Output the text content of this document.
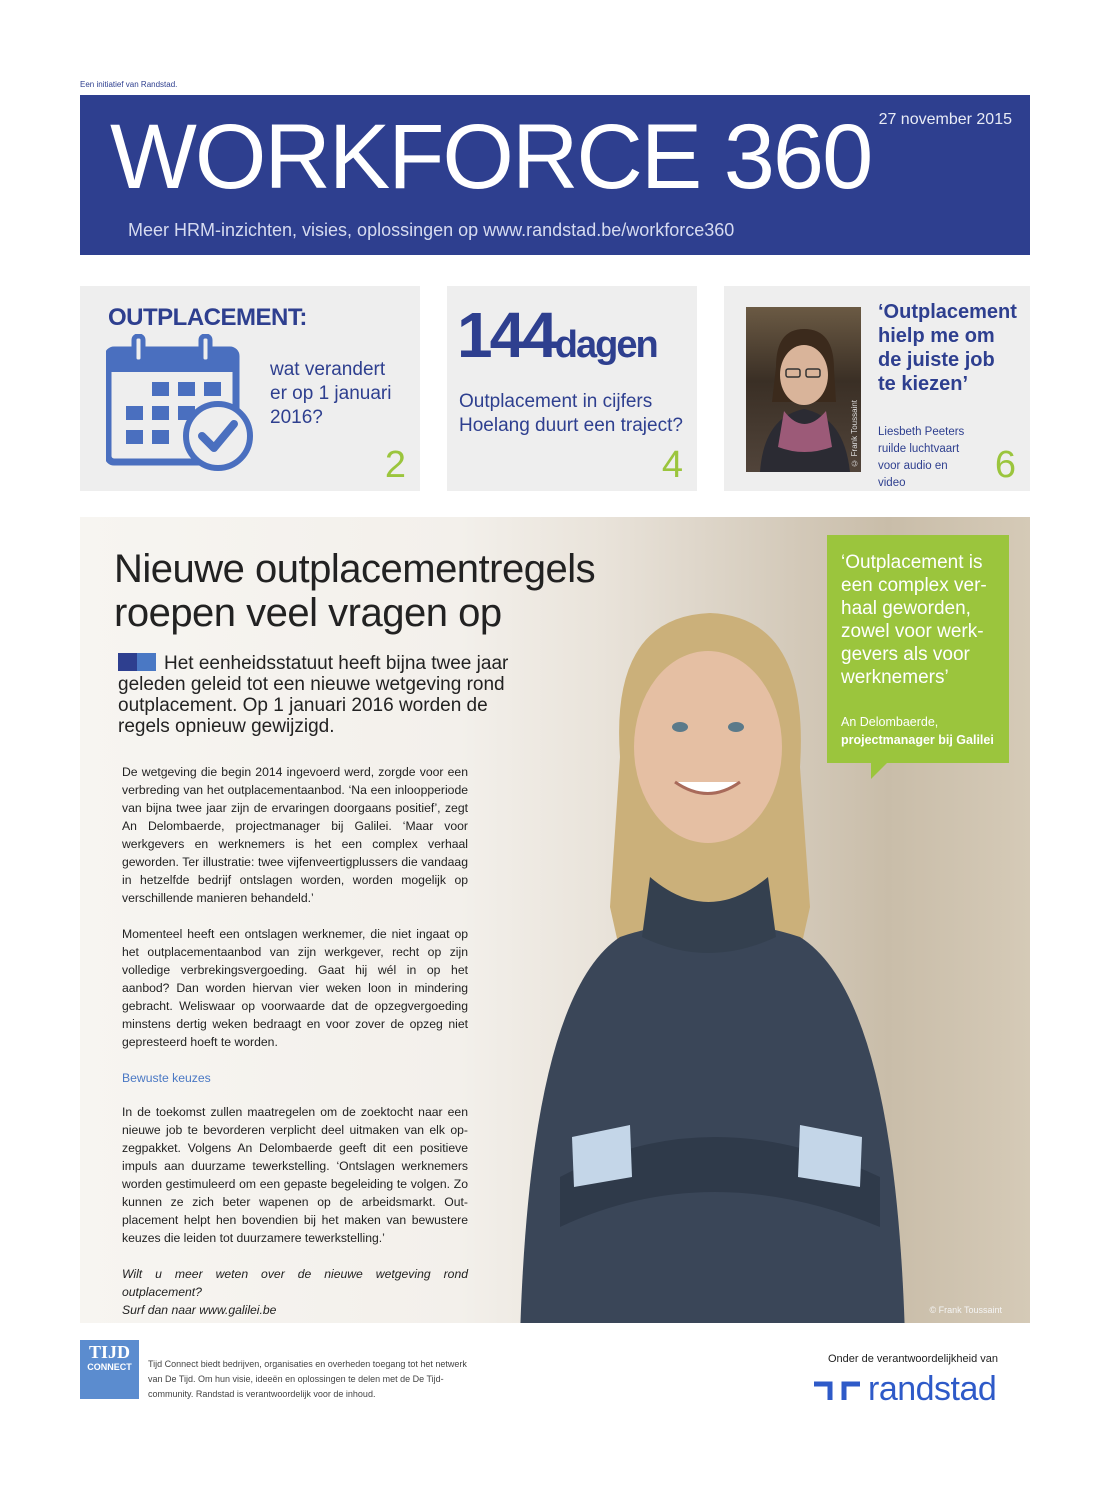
Een initiatief van Randstad.
WORKFORCE 360 27 november 2015
Meer HRM-inzichten, visies, oplossingen op www.randstad.be/workforce360
OUTPLACEMENT:
wat verandert er op 1 januari 2016?
2
144dagen
Outplacement in cijfers
Hoelang duurt een traject?
4	© Frank Toussaint
‘Outplacement hielp me om de juiste job te kiezen’
Liesbeth Peeters
ruilde luchtvaart voor audio en video	6
Nieuwe outplacementregels roepen veel vragen op
Het eenheidsstatuut heeft bijna twee jaar geleden geleid tot een nieuwe wetgeving rond outplacement. Op 1 januari 2016 worden de regels opnieuw gewijzigd.

De wetgeving die begin 2014 ingevoerd werd, zorgde voor een verbreding van het outplacementaanbod. ‘Na een inloopperiode van bijna twee jaar zijn de ervaringen doorgaans positief’, zegt An Delombaerde, projectmanager bij Galilei. ‘Maar voor werkgevers en werknemers is het een complex verhaal geworden. Ter illustratie: twee vijfenveertigplussers die vandaag in hetzelfde bedrijf ontslagen worden, worden mogelijk op verschillende manieren behandeld.’

Momenteel heeft een ontslagen werknemer, die niet ingaat op het outplacementaanbod van zijn werkgever, recht op zijn volledige verbrekingsvergoeding. Gaat hij wél in op het aanbod? Dan worden hiervan vier weken loon in mindering gebracht. Weliswaar op voorwaarde dat de opzegvergoeding minstens dertig weken bedraagt en voor zover de opzeg niet gepresteerd hoeft te worden.

Bewuste keuzes

In de toekomst zullen maatregelen om de zoektocht naar een nieuwe job te bevorderen verplicht deel uitmaken van elk op-zegpakket. Volgens An Delombaerde geeft dit een positieve impuls aan duurzame tewerkstelling. ‘Ontslagen werknemers worden gestimuleerd om een gepaste begeleiding te volgen. Zo kunnen ze zich beter wapenen op de arbeidsmarkt. Out-placement helpt hen bovendien bij het maken van bewustere keuzes die leiden tot duurzamere tewerkstelling.’

Wilt u meer weten over de nieuwe wetgeving rond outplacement?
Surf dan naar www.galilei.be
‘Outplacement is een complex ver-haal geworden, zowel voor werk-gevers als voor werknemers’
An Delombaerde,
projectmanager bij Galilei
© Frank Toussaint
TIJD
CONNECT	Tijd Connect biedt bedrijven, organisaties en overheden toegang tot het netwerk van De Tijd. Om hun visie, ideeën en oplossingen te delen met de De Tijd-community. Randstad is verantwoordelijk voor de inhoud.
Onder de verantwoordelijkheid van
randstad
